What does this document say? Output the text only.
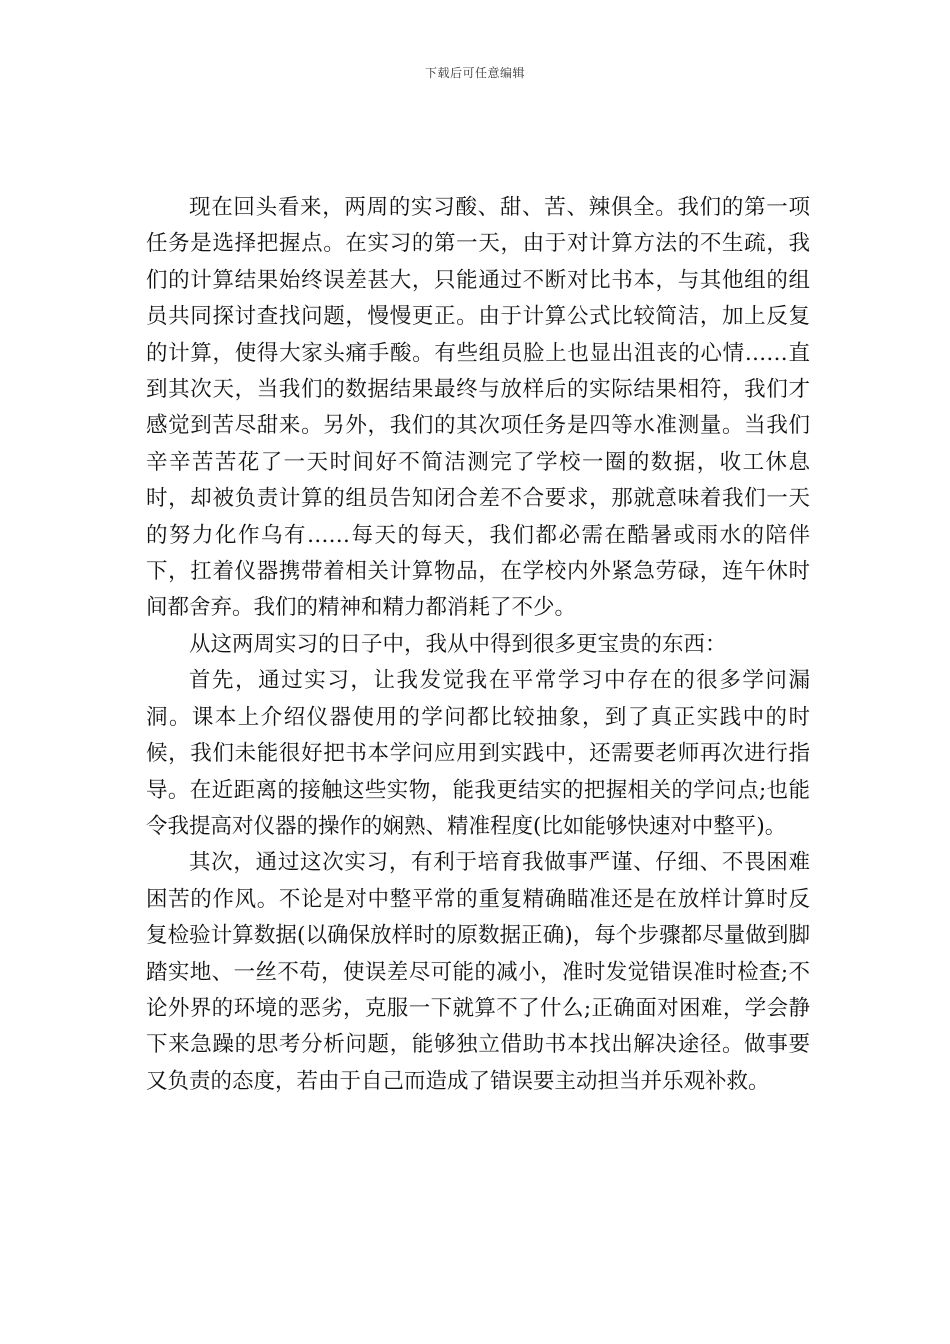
下载后可任意编辑

现在回头看来，两周的实习酸、甜、苦、辣俱全。我们的第一项任务是选择把握点。在实习的第一天，由于对计算方法的不生疏，我们的计算结果始终误差甚大，只能通过不断对比书本，与其他组的组员共同探讨查找问题，慢慢更正。由于计算公式比较简洁，加上反复的计算，使得大家头痛手酸。有些组员脸上也显出沮丧的心情……直到其次天，当我们的数据结果最终与放样后的实际结果相符，我们才感觉到苦尽甜来。另外，我们的其次项任务是四等水准测量。当我们辛辛苦苦花了一天时间好不简洁测完了学校一圈的数据，收工休息时，却被负责计算的组员告知闭合差不合要求，那就意味着我们一天的努力化作乌有……每天的每天，我们都必需在酷暑或雨水的陪伴下，扛着仪器携带着相关计算物品，在学校内外紧急劳碌，连午休时间都舍弃。我们的精神和精力都消耗了不少。

从这两周实习的日子中，我从中得到很多更宝贵的东西：

首先，通过实习，让我发觉我在平常学习中存在的很多学问漏洞。课本上介绍仪器使用的学问都比较抽象，到了真正实践中的时候，我们未能很好把书本学问应用到实践中，还需要老师再次进行指导。在近距离的接触这些实物，能我更结实的把握相关的学问点;也能令我提高对仪器的操作的娴熟、精准程度(比如能够快速对中整平)。

其次，通过这次实习，有利于培育我做事严谨、仔细、不畏困难困苦的作风。不论是对中整平常的重复精确瞄准还是在放样计算时反复检验计算数据(以确保放样时的原数据正确)，每个步骤都尽量做到脚踏实地、一丝不苟，使误差尽可能的减小，准时发觉错误准时检查;不论外界的环境的恶劣，克服一下就算不了什么;正确面对困难，学会静下来急躁的思考分析问题，能够独立借助书本找出解决途径。做事要又负责的态度，若由于自己而造成了错误要主动担当并乐观补救。
